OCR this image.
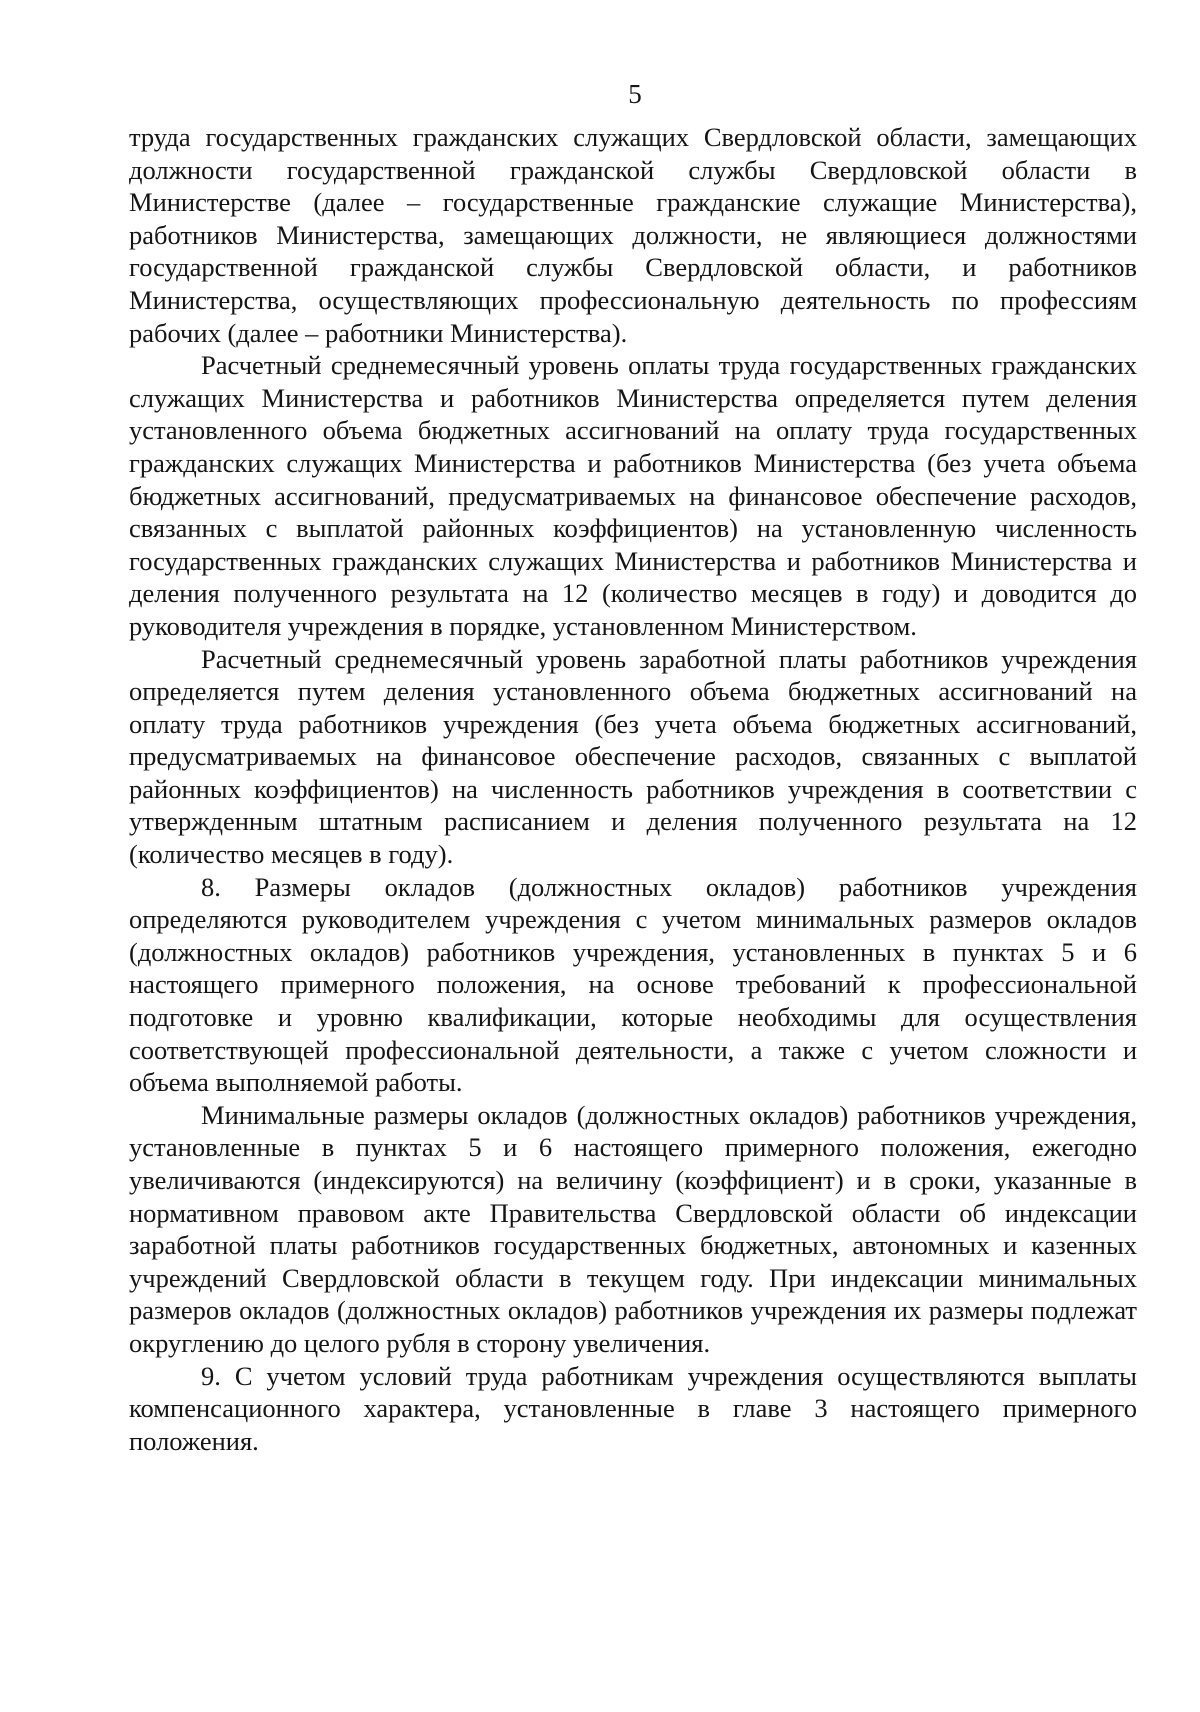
5

труда государственных гражданских служащих Свердловской области, замещающих должности государственной гражданской службы Свердловской области в Министерстве (далее – государственные гражданские служащие Министерства), работников Министерства, замещающих должности, не являющиеся должностями государственной гражданской службы Свердловской области, и работников Министерства, осуществляющих профессиональную деятельность по профессиям рабочих (далее – работники Министерства).

Расчетный среднемесячный уровень оплаты труда государственных гражданских служащих Министерства и работников Министерства определяется путем деления установленного объема бюджетных ассигнований на оплату труда государственных гражданских служащих Министерства и работников Министерства (без учета объема бюджетных ассигнований, предусматриваемых на финансовое обеспечение расходов, связанных с выплатой районных коэффициентов) на установленную численность государственных гражданских служащих Министерства и работников Министерства и деления полученного результата на 12 (количество месяцев в году) и доводится до руководителя учреждения в порядке, установленном Министерством.

Расчетный среднемесячный уровень заработной платы работников учреждения определяется путем деления установленного объема бюджетных ассигнований на оплату труда работников учреждения (без учета объема бюджетных ассигнований, предусматриваемых на финансовое обеспечение расходов, связанных с выплатой районных коэффициентов) на численность работников учреждения в соответствии с утвержденным штатным расписанием и деления полученного результата на 12 (количество месяцев в году).

8. Размеры окладов (должностных окладов) работников учреждения определяются руководителем учреждения с учетом минимальных размеров окладов (должностных окладов) работников учреждения, установленных в пунктах 5 и 6 настоящего примерного положения, на основе требований к профессиональной подготовке и уровню квалификации, которые необходимы для осуществления соответствующей профессиональной деятельности, а также с учетом сложности и объема выполняемой работы.

Минимальные размеры окладов (должностных окладов) работников учреждения, установленные в пунктах 5 и 6 настоящего примерного положения, ежегодно увеличиваются (индексируются) на величину (коэффициент) и в сроки, указанные в нормативном правовом акте Правительства Свердловской области об индексации заработной платы работников государственных бюджетных, автономных и казенных учреждений Свердловской области в текущем году. При индексации минимальных размеров окладов (должностных окладов) работников учреждения их размеры подлежат округлению до целого рубля в сторону увеличения.

9. С учетом условий труда работникам учреждения осуществляются выплаты компенсационного характера, установленные в главе 3 настоящего примерного положения.
